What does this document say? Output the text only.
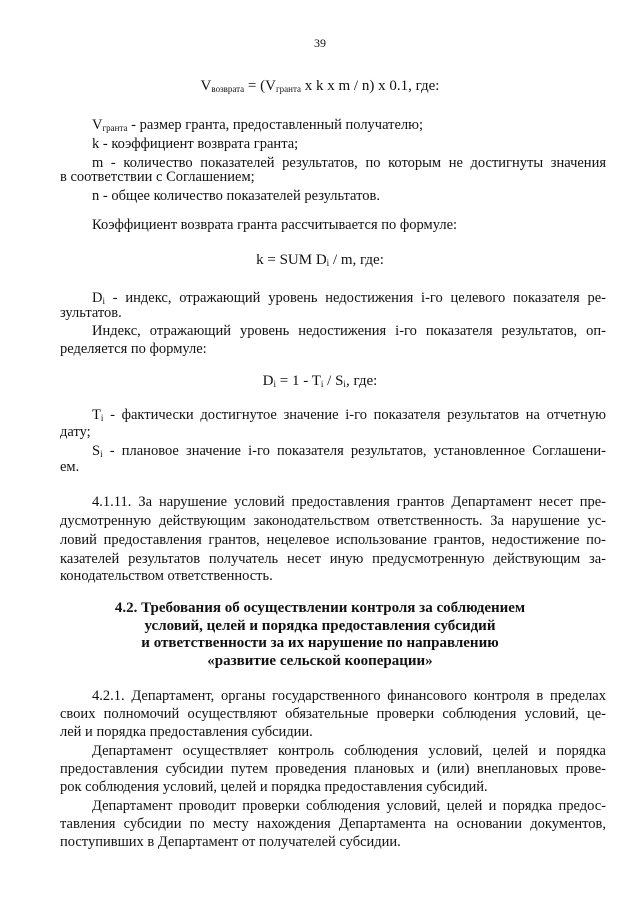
39
$V_{возврата} = (V_{гранта}$ x k x m / n) x 0.1, где:
$V_{гранта}$ - размер гранта, предоставленный получателю;
k - коэффициент возврата гранта;
m - количество показателей результатов, по которым не достигнуты значения
в соответствии с Соглашением;
n - общее количество показателей результатов.
Коэффициент возврата гранта рассчитывается по формуле:
k = SUM $D_i$ / m, где:
$D_i$ - индекс, отражающий уровень недостижения i-го целевого показателя ре-
зультатов.
Индекс, отражающий уровень недостижения i-го показателя результатов, оп-
ределяется по формуле:
$D_i = 1 - T_i / S_i$, где:
$T_i$ - фактически достигнутое значение i-го показателя результатов на отчетную
дату;
$S_i$ - плановое значение i-го показателя результатов, установленное Соглашени-
ем.
4.1.11. За нарушение условий предоставления грантов Департамент несет пре-
дусмотренную действующим законодательством ответственность. За нарушение ус-
ловий предоставления грантов, нецелевое использование грантов, недостижение по-
казателей результатов получатель несет иную предусмотренную действующим за-
конодательством ответственность.
4.2. Требования об осуществлении контроля за соблюдением
условий, целей и порядка предоставления субсидий
и ответственности за их нарушение по направлению
«развитие сельской кооперации»
4.2.1. Департамент, органы государственного финансового контроля в пределах
своих полномочий осуществляют обязательные проверки соблюдения условий, це-
лей и порядка предоставления субсидии.
Департамент осуществляет контроль соблюдения условий, целей и порядка
предоставления субсидии путем проведения плановых и (или) внеплановых прове-
рок соблюдения условий, целей и порядка предоставления субсидий.
Департамент проводит проверки соблюдения условий, целей и порядка предос-
тавления субсидии по месту нахождения Департамента на основании документов,
поступивших в Департамент от получателей субсидии.
